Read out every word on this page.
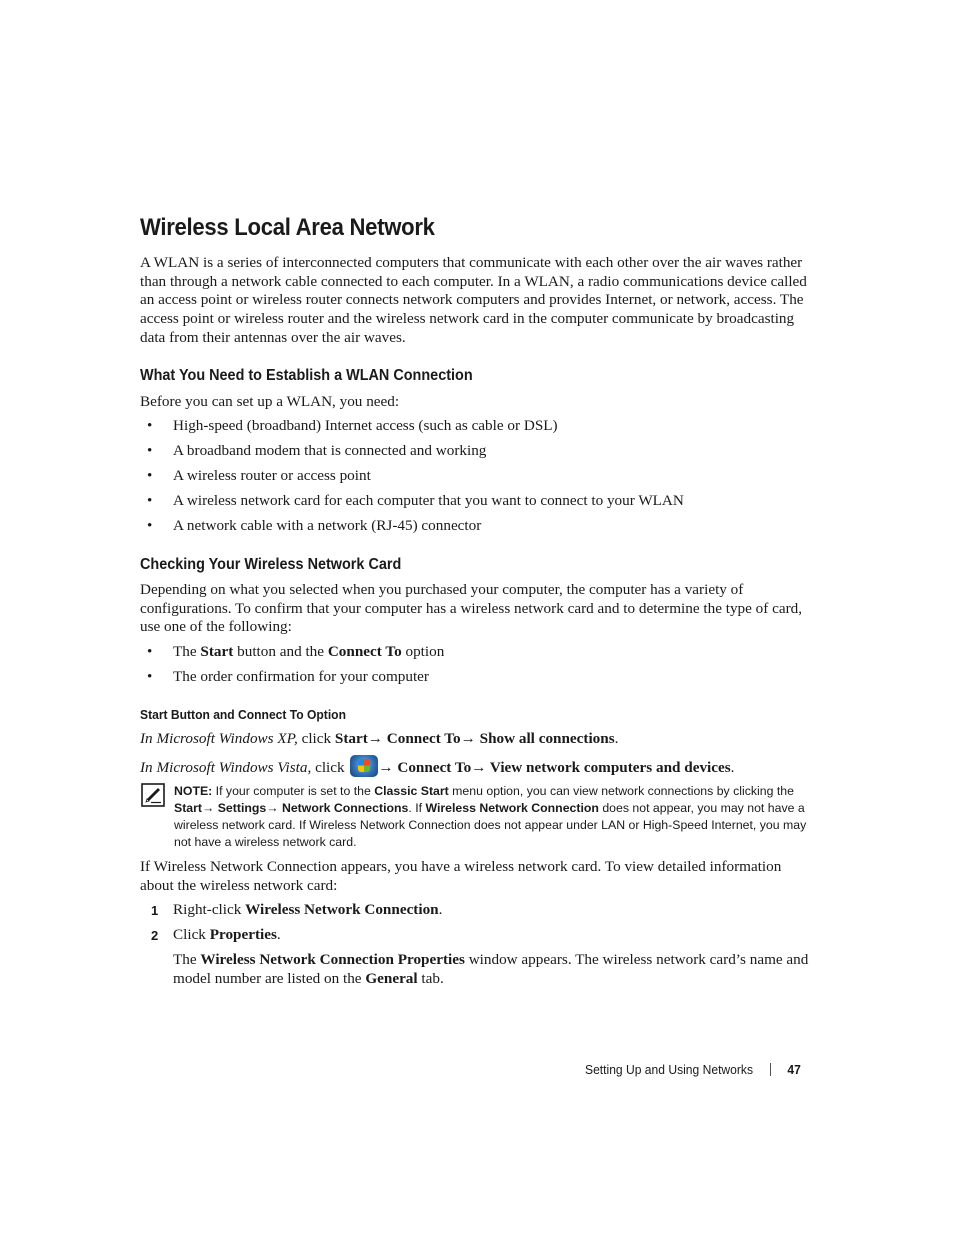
Wireless Local Area Network

A WLAN is a series of interconnected computers that communicate with each other over the air waves rather than through a network cable connected to each computer. In a WLAN, a radio communications device called an access point or wireless router connects network computers and provides Internet, or network, access. The access point or wireless router and the wireless network card in the computer communicate by broadcasting data from their antennas over the air waves.

What You Need to Establish a WLAN Connection

Before you can set up a WLAN, you need:

• High-speed (broadband) Internet access (such as cable or DSL)
• A broadband modem that is connected and working
• A wireless router or access point
• A wireless network card for each computer that you want to connect to your WLAN
• A network cable with a network (RJ-45) connector
Checking Your Wireless Network Card

Depending on what you selected when you purchased your computer, the computer has a variety of configurations. To confirm that your computer has a wireless network card and to determine the type of card, use one of the following:

• The Start button and the Connect To option
• The order confirmation for your computer
Start Button and Connect To Option

In Microsoft Windows XP, click Start→ Connect To→ Show all connections.

In Microsoft Windows Vista, click
→ Connect To→ View network computers and devices.

NOTE: If your computer is set to the Classic Start menu option, you can view network connections by clicking the Start→ Settings→ Network Connections. If Wireless Network Connection does not appear, you may not have a wireless network card. If Wireless Network Connection does not appear under LAN or High-Speed Internet, you may not have a wireless network card.

If Wireless Network Connection appears, you have a wireless network card. To view detailed information about the wireless network card:

1 Right-click Wireless Network Connection.
2 Click Properties.

The Wireless Network Connection Properties window appears. The wireless network card’s name and model number are listed on the General tab.

Setting Up and Using Networks	47
